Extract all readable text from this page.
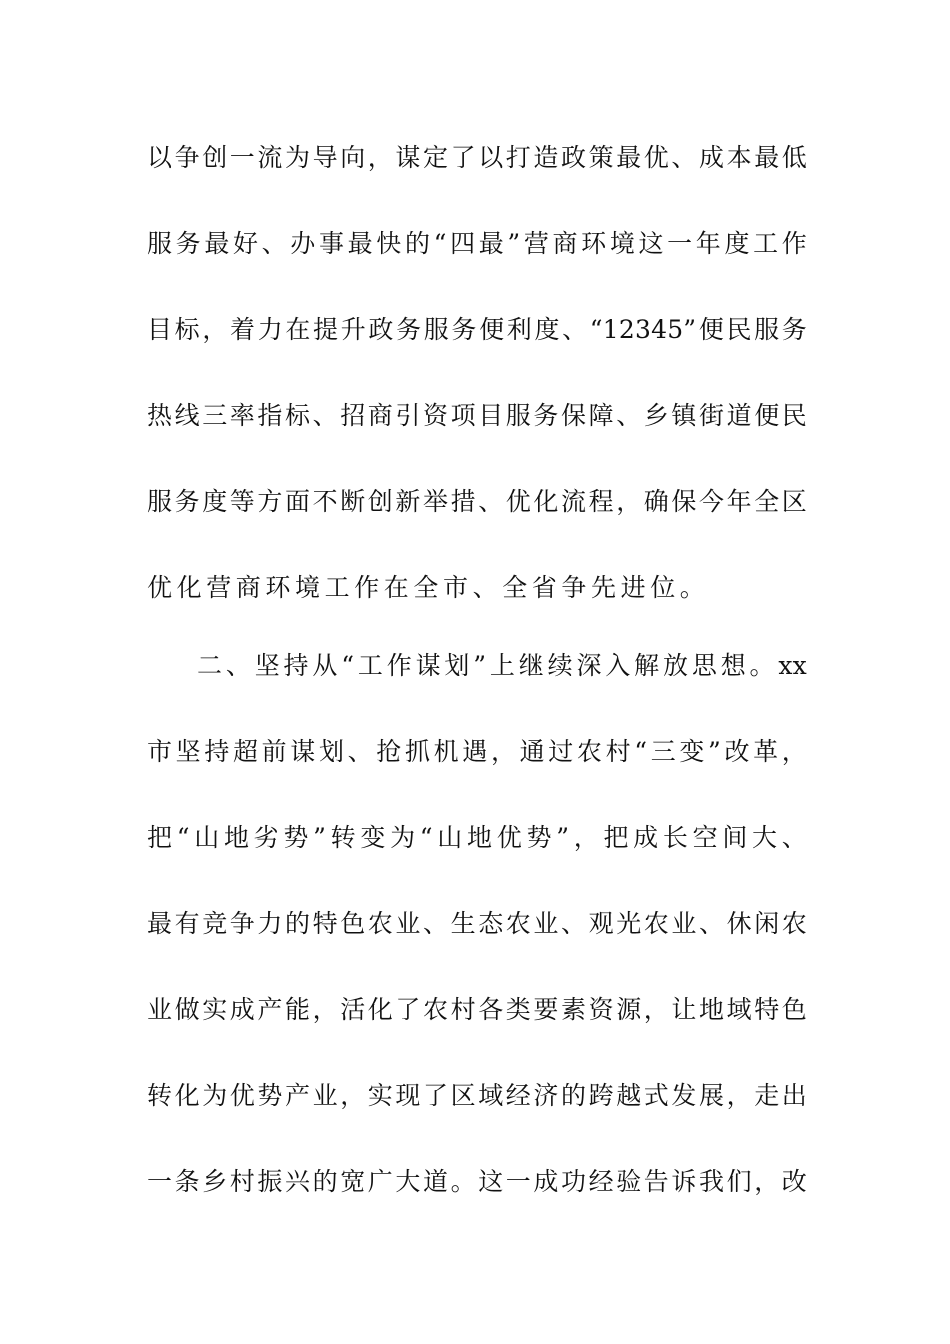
以争创一流为导向，谋定了以打造政策最优、成本最低
服务最好、办事最快的“四最”营商环境这一年度工作
目标，着力在提升政务服务便利度、“12345”便民服务
热线三率指标、招商引资项目服务保障、乡镇街道便民
服务度等方面不断创新举措、优化流程，确保今年全区
优化营商环境工作在全市、全省争先进位。
二、坚持从“工作谋划”上继续深入解放思想。xx
市坚持超前谋划、抢抓机遇，通过农村“三变”改革，
把“山地劣势”转变为“山地优势”，把成长空间大、
最有竞争力的特色农业、生态农业、观光农业、休闲农
业做实成产能，活化了农村各类要素资源，让地域特色
转化为优势产业，实现了区域经济的跨越式发展，走出
一条乡村振兴的宽广大道。这一成功经验告诉我们，改
